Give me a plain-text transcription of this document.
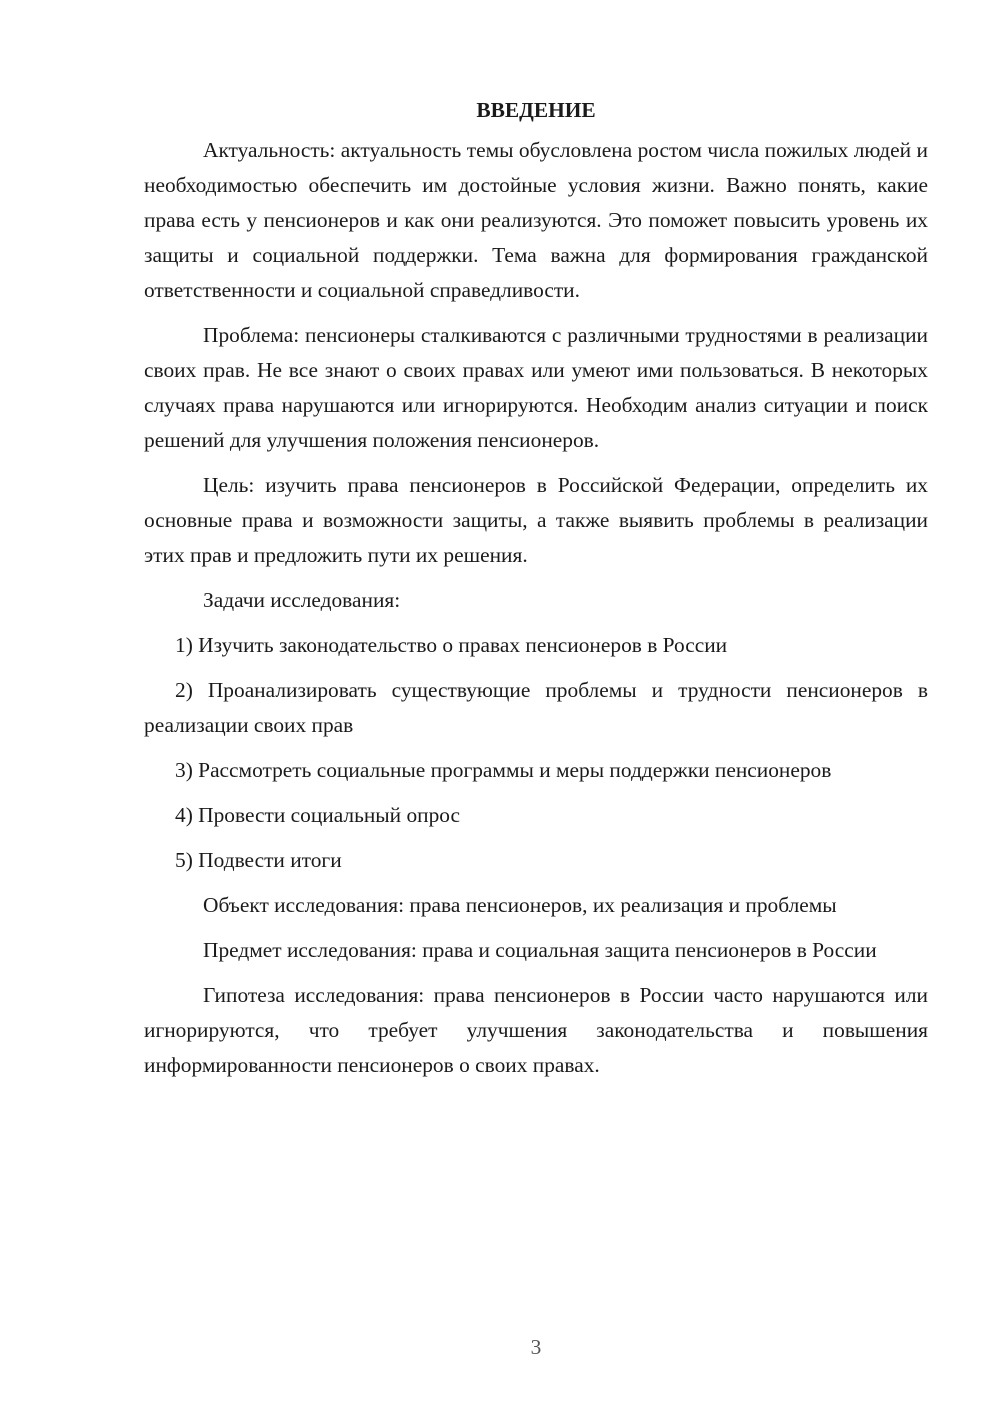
ВВЕДЕНИЕ

Актуальность: актуальность темы обусловлена ростом числа пожилых людей и необходимостью обеспечить им достойные условия жизни. Важно понять, какие права есть у пенсионеров и как они реализуются. Это поможет повысить уровень их защиты и социальной поддержки. Тема важна для формирования гражданской ответственности и социальной справедливости.

Проблема: пенсионеры сталкиваются с различными трудностями в реализации своих прав. Не все знают о своих правах или умеют ими пользоваться. В некоторых случаях права нарушаются или игнорируются. Необходим анализ ситуации и поиск решений для улучшения положения пенсионеров.

Цель: изучить права пенсионеров в Российской Федерации, определить их основные права и возможности защиты, а также выявить проблемы в реализации этих прав и предложить пути их решения.

Задачи исследования:

1) Изучить законодательство о правах пенсионеров в России

2) Проанализировать существующие проблемы и трудности пенсионеров в реализации своих прав

3) Рассмотреть социальные программы и меры поддержки пенсионеров

4) Провести социальный опрос

5) Подвести итоги

Объект исследования: права пенсионеров, их реализация и проблемы

Предмет исследования: права и социальная защита пенсионеров в России

Гипотеза исследования: права пенсионеров в России часто нарушаются или игнорируются, что требует улучшения законодательства и повышения информированности пенсионеров о своих правах.

3
